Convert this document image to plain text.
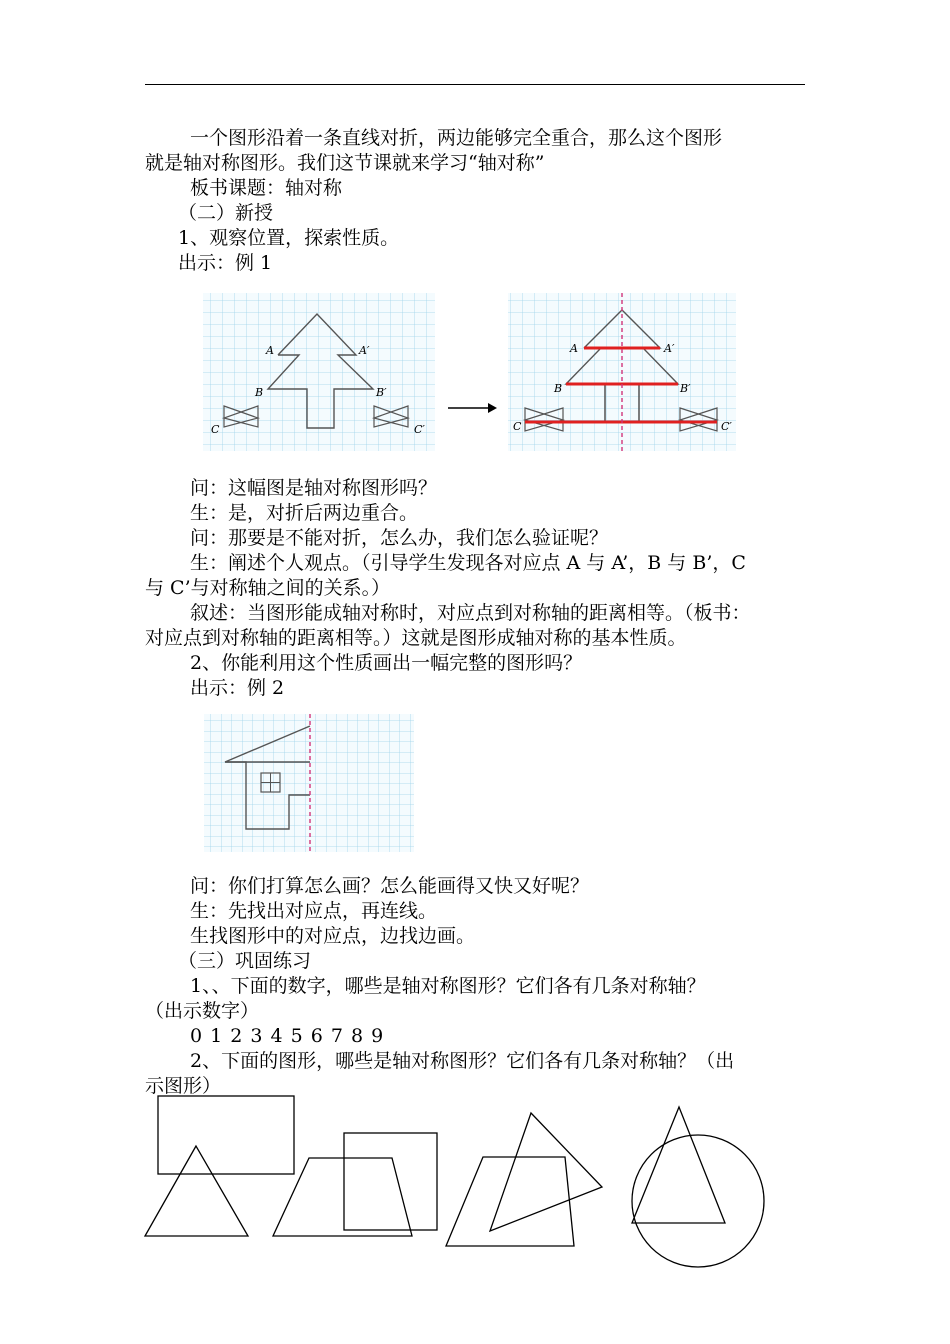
一个图形沿着一条直线对折，两边能够完全重合，那么这个图形
就是轴对称图形。我们这节课就来学习“轴对称”
板书课题：轴对称
（二）新授
1、观察位置，探索性质。
出示：例 1
A	A′
B	B′
C	C′
A	A′
B	B′
C	C′
问：这幅图是轴对称图形吗？
生：是，对折后两边重合。
问：那要是不能对折，怎么办，我们怎么验证呢？
生：阐述个人观点。（引导学生发现各对应点 A 与 A’，B 与 B’，C
与 C’与对称轴之间的关系。）
叙述：当图形能成轴对称时，对应点到对称轴的距离相等。（板书：
对应点到对称轴的距离相等。）这就是图形成轴对称的基本性质。
2、你能利用这个性质画出一幅完整的图形吗？
出示：例 2
问：你们打算怎么画？怎么能画得又快又好呢？
生：先找出对应点，再连线。
生找图形中的对应点，边找边画。
（三）巩固练习
1、、下面的数字，哪些是轴对称图形？它们各有几条对称轴？
（出示数字）
0 1 2 3 4 5 6 7 8 9
2、下面的图形，哪些是轴对称图形？它们各有几条对称轴？（出
示图形）
